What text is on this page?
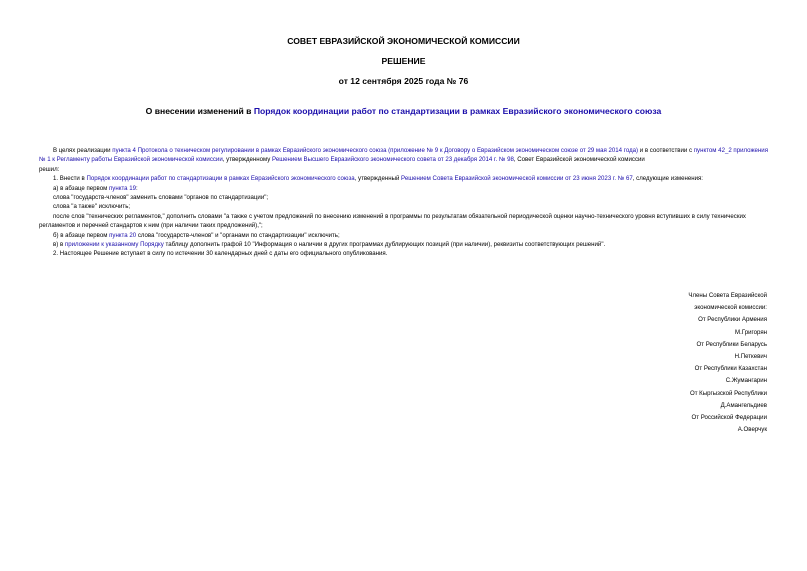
СОВЕТ ЕВРАЗИЙСКОЙ ЭКОНОМИЧЕСКОЙ КОМИССИИ
РЕШЕНИЕ
от 12 сентября 2025 года № 76
О внесении изменений в Порядок координации работ по стандартизации в рамках Евразийского экономического союза

В целях реализации пункта 4 Протокола о техническом регулировании в рамках Евразийского экономического союза (приложение № 9 к Договору о Евразийском экономическом союзе от 29 мая 2014 года) и в соответствии с пунктом 42_2 приложения № 1 к Регламенту работы Евразийской экономической комиссии, утвержденному Решением Высшего Евразийского экономического совета от 23 декабря 2014 г. № 98, Совет Евразийской экономической комиссии

решил:

1. Внести в Порядок координации работ по стандартизации в рамках Евразийского экономического союза, утвержденный Решением Совета Евразийской экономической комиссии от 23 июня 2023 г. № 67, следующие изменения:

а) в абзаце первом пункта 19:

слова "государств-членов" заменить словами "органов по стандартизации";

слова "а также" исключить;

после слов "технических регламентов," дополнить словами "а также с учетом предложений по внесению изменений в программы по результатам обязательной периодической оценки научно-технического уровня вступивших в силу технических регламентов и перечней стандартов к ним (при наличии таких предложений),";

б) в абзаце первом пункта 20 слова "государств-членов" и "органами по стандартизации" исключить;

в) в приложении к указанному Порядку таблицу дополнить графой 10 "Информация о наличии в других программах дублирующих позиций (при наличии), реквизиты соответствующих решений".

2. Настоящее Решение вступает в силу по истечении 30 календарных дней с даты его официального опубликования.

Члены Совета Евразийской
экономической комиссии:
От Республики Армения
М.Григорян
От Республики Беларусь
Н.Петкевич
От Республики Казахстан
С.Жумангарин
От Кыргызской Республики
Д.Амангельдиев
От Российской Федерации
А.Оверчук
